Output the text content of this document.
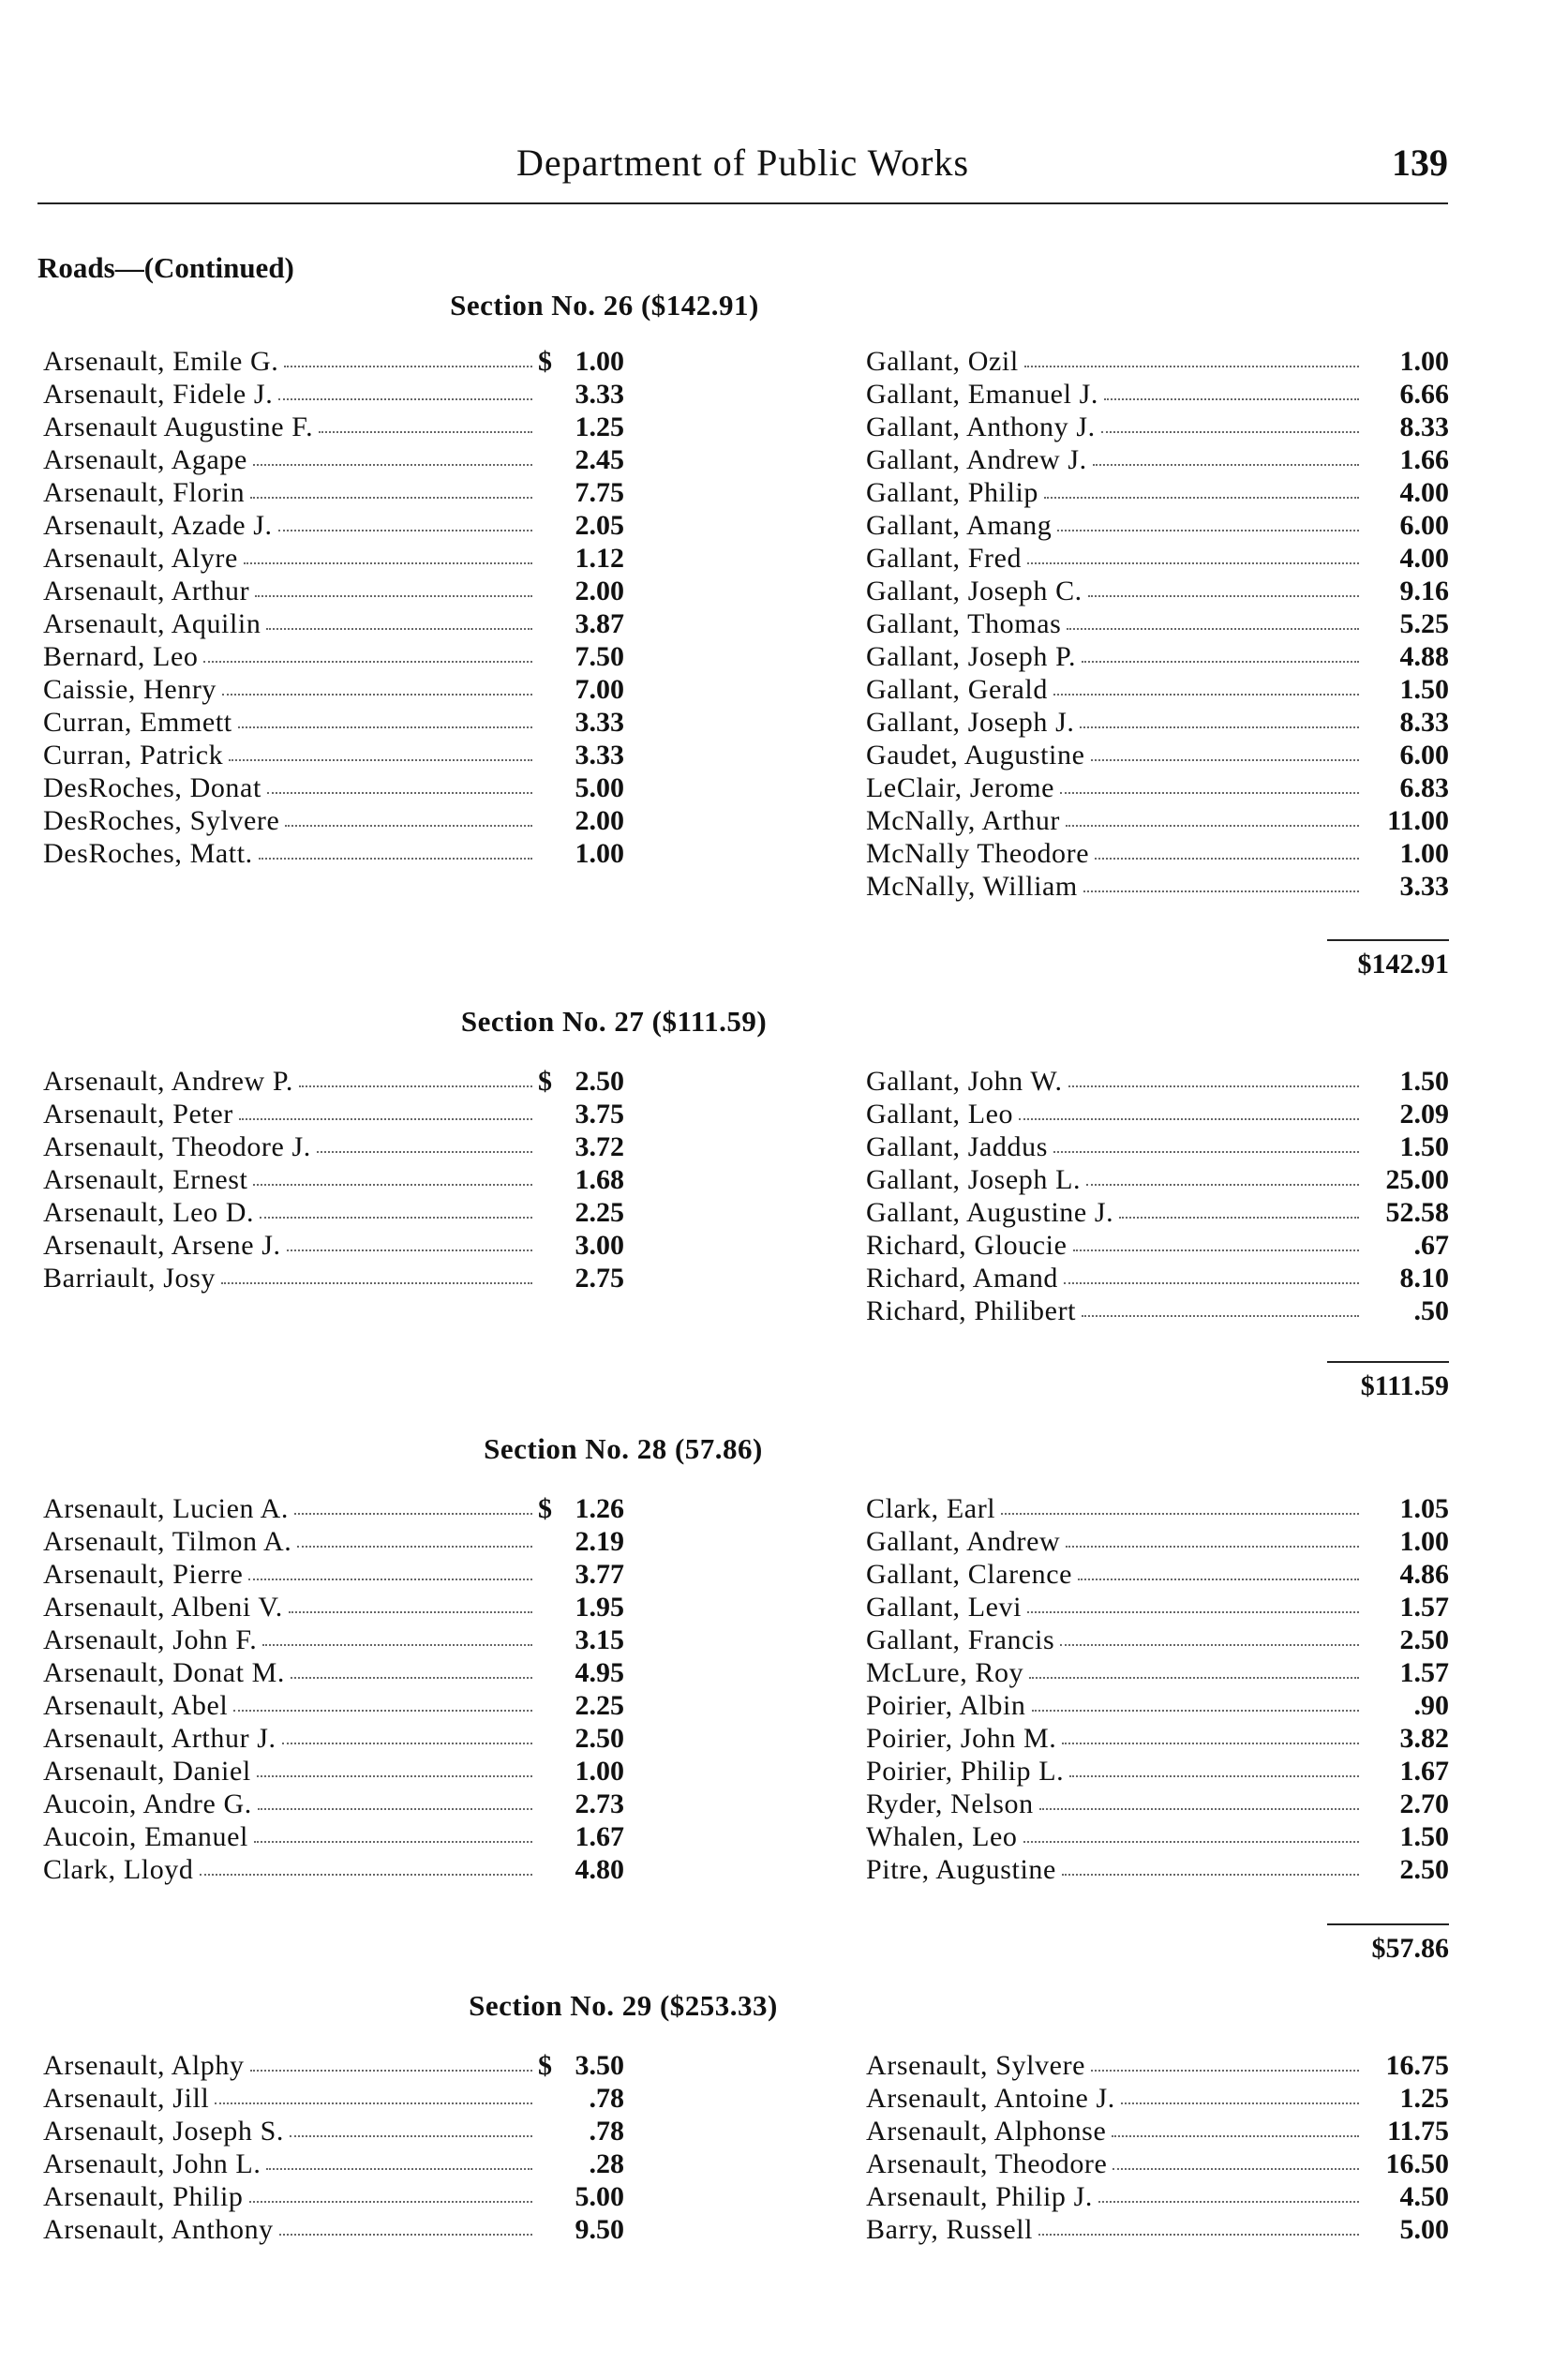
Department of Public Works	139
Roads—(Continued)
Section No. 26 ($142.91)
Arsenault, Emile G.	$ 1.00
Arsenault, Fidele J.	3.33
Arsenault Augustine F.	1.25
Arsenault, Agape	2.45
Arsenault, Florin	7.75
Arsenault, Azade J.	2.05
Arsenault, Alyre	1.12
Arsenault, Arthur	2.00
Arsenault, Aquilin	3.87
Bernard, Leo	7.50
Caissie, Henry	7.00
Curran, Emmett	3.33
Curran, Patrick	3.33
DesRoches, Donat	5.00
DesRoches, Sylvere	2.00
DesRoches, Matt.	1.00
Gallant, Ozil	1.00
Gallant, Emanuel J.	6.66
Gallant, Anthony J.	8.33
Gallant, Andrew J.	1.66
Gallant, Philip	4.00
Gallant, Amang	6.00
Gallant, Fred	4.00
Gallant, Joseph C.	9.16
Gallant, Thomas	5.25
Gallant, Joseph P.	4.88
Gallant, Gerald	1.50
Gallant, Joseph J.	8.33
Gaudet, Augustine	6.00
LeClair, Jerome	6.83
McNally, Arthur	11.00
McNally Theodore	1.00
McNally, William	3.33
$142.91
Section No. 27 ($111.59)
Arsenault, Andrew P.	$ 2.50
Arsenault, Peter	3.75
Arsenault, Theodore J.	3.72
Arsenault, Ernest	1.68
Arsenault, Leo D.	2.25
Arsenault, Arsene J.	3.00
Barriault, Josy	2.75
Gallant, John W.	1.50
Gallant, Leo	2.09
Gallant, Jaddus	1.50
Gallant, Joseph L.	25.00
Gallant, Augustine J.	52.58
Richard, Gloucie	.67
Richard, Amand	8.10
Richard, Philibert	.50
$111.59
Section No. 28 (57.86)
Arsenault, Lucien A.	$ 1.26
Arsenault, Tilmon A.	2.19
Arsenault, Pierre	3.77
Arsenault, Albeni V.	1.95
Arsenault, John F.	3.15
Arsenault, Donat M.	4.95
Arsenault, Abel	2.25
Arsenault, Arthur J.	2.50
Arsenault, Daniel	1.00
Aucoin, Andre G.	2.73
Aucoin, Emanuel	1.67
Clark, Lloyd	4.80
Clark, Earl	1.05
Gallant, Andrew	1.00
Gallant, Clarence	4.86
Gallant, Levi	1.57
Gallant, Francis	2.50
McLure, Roy	1.57
Poirier, Albin	.90
Poirier, John M.	3.82
Poirier, Philip L.	1.67
Ryder, Nelson	2.70
Whalen, Leo	1.50
Pitre, Augustine	2.50
$57.86
Section No. 29 ($253.33)
Arsenault, Alphy	$ 3.50
Arsenault, Jill	.78
Arsenault, Joseph S.	.78
Arsenault, John L.	.28
Arsenault, Philip	5.00
Arsenault, Anthony	9.50
Arsenault, Sylvere	16.75
Arsenault, Antoine J.	1.25
Arsenault, Alphonse	11.75
Arsenault, Theodore	16.50
Arsenault, Philip J.	4.50
Barry, Russell	5.00
